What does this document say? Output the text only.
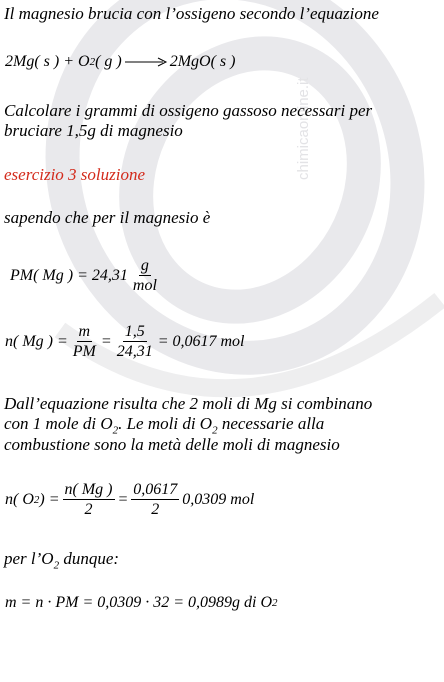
chimicaonline.it
Il magnesio brucia con l’ossigeno secondo l’equazione
2Mg( s ) + O 2 ( g ) → 2MgO( s )
Calcolare i grammi di ossigeno gassoso necessari per
bruciare 1,5g di magnesio
esercizio 3 soluzione
sapendo che per il magnesio è
PM( Mg ) = $24,31 \frac{g}{\text{mol}}$
n( Mg ) = $\frac{m}{PM} = \frac{1,5}{24,31} = 0,0617$ mol
Dall’equazione risulta che 2 moli di Mg si combinano
con 1 mole di $O_2$. Le moli di $O_2$ necessarie alla
combustione sono la metà delle moli di magnesio
n( O 2 ) = $\frac{n( Mg )}{2} = \frac{0,0617}{2} 0,0309$ mol
per $l’O_2$ dunque:
m = n · PM = 0,0309 · 32 = 0,0989g di O 2
